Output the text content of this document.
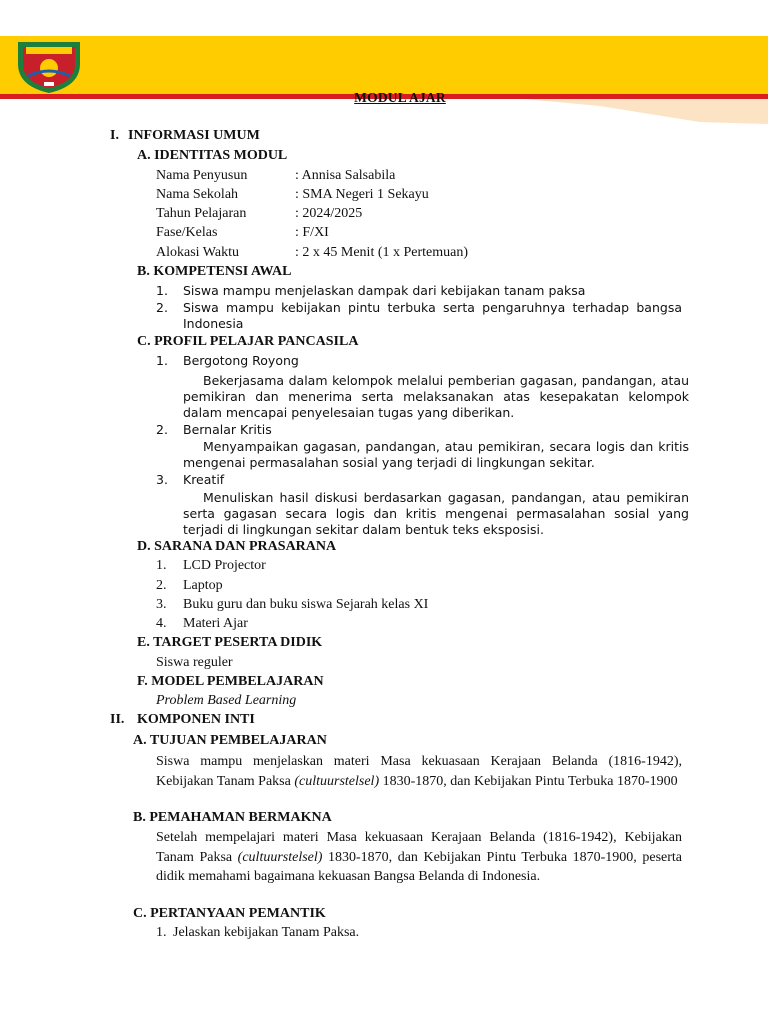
MODUL AJAR
I. INFORMASI UMUM
A. IDENTITAS MODUL
Nama Penyusun	: Annisa Salsabila
Nama Sekolah	: SMA Negeri 1 Sekayu
Tahun Pelajaran	: 2024/2025
Fase/Kelas	: F/XI
Alokasi Waktu	: 2 x 45 Menit (1 x Pertemuan)
B. KOMPETENSI AWAL
1. Siswa mampu menjelaskan dampak dari kebijakan tanam paksa
2. Siswa mampu kebijakan pintu terbuka serta pengaruhnya terhadap bangsa Indonesia
C. PROFIL PELAJAR PANCASILA
1. Bergotong Royong
Bekerjasama dalam kelompok melalui pemberian gagasan, pandangan, atau pemikiran dan menerima serta melaksanakan atas kesepakatan kelompok dalam mencapai penyelesaian tugas yang diberikan.
2. Bernalar Kritis
Menyampaikan gagasan, pandangan, atau pemikiran, secara logis dan kritis mengenai permasalahan sosial yang terjadi di lingkungan sekitar.
3. Kreatif
Menuliskan hasil diskusi berdasarkan gagasan, pandangan, atau pemikiran serta gagasan secara logis dan kritis mengenai permasalahan sosial yang terjadi di lingkungan sekitar dalam bentuk teks eksposisi.
D. SARANA DAN PRASARANA
1. LCD Projector
2. Laptop
3. Buku guru dan buku siswa Sejarah kelas XI
4. Materi Ajar
E. TARGET PESERTA DIDIK
Siswa reguler
F. MODEL PEMBELAJARAN
Problem Based Learning
II. KOMPONEN INTI
A. TUJUAN PEMBELAJARAN
Siswa mampu menjelaskan materi Masa kekuasaan Kerajaan Belanda (1816-1942), Kebijakan Tanam Paksa (cultuurstelsel) 1830-1870, dan Kebijakan Pintu Terbuka 1870-1900
B. PEMAHAMAN BERMAKNA
Setelah mempelajari materi Masa kekuasaan Kerajaan Belanda (1816-1942), Kebijakan Tanam Paksa (cultuurstelsel) 1830-1870, dan Kebijakan Pintu Terbuka 1870-1900, peserta didik memahami bagaimana kekuasan Bangsa Belanda di Indonesia.
C. PERTANYAAN PEMANTIK
1. Jelaskan kebijakan Tanam Paksa.
